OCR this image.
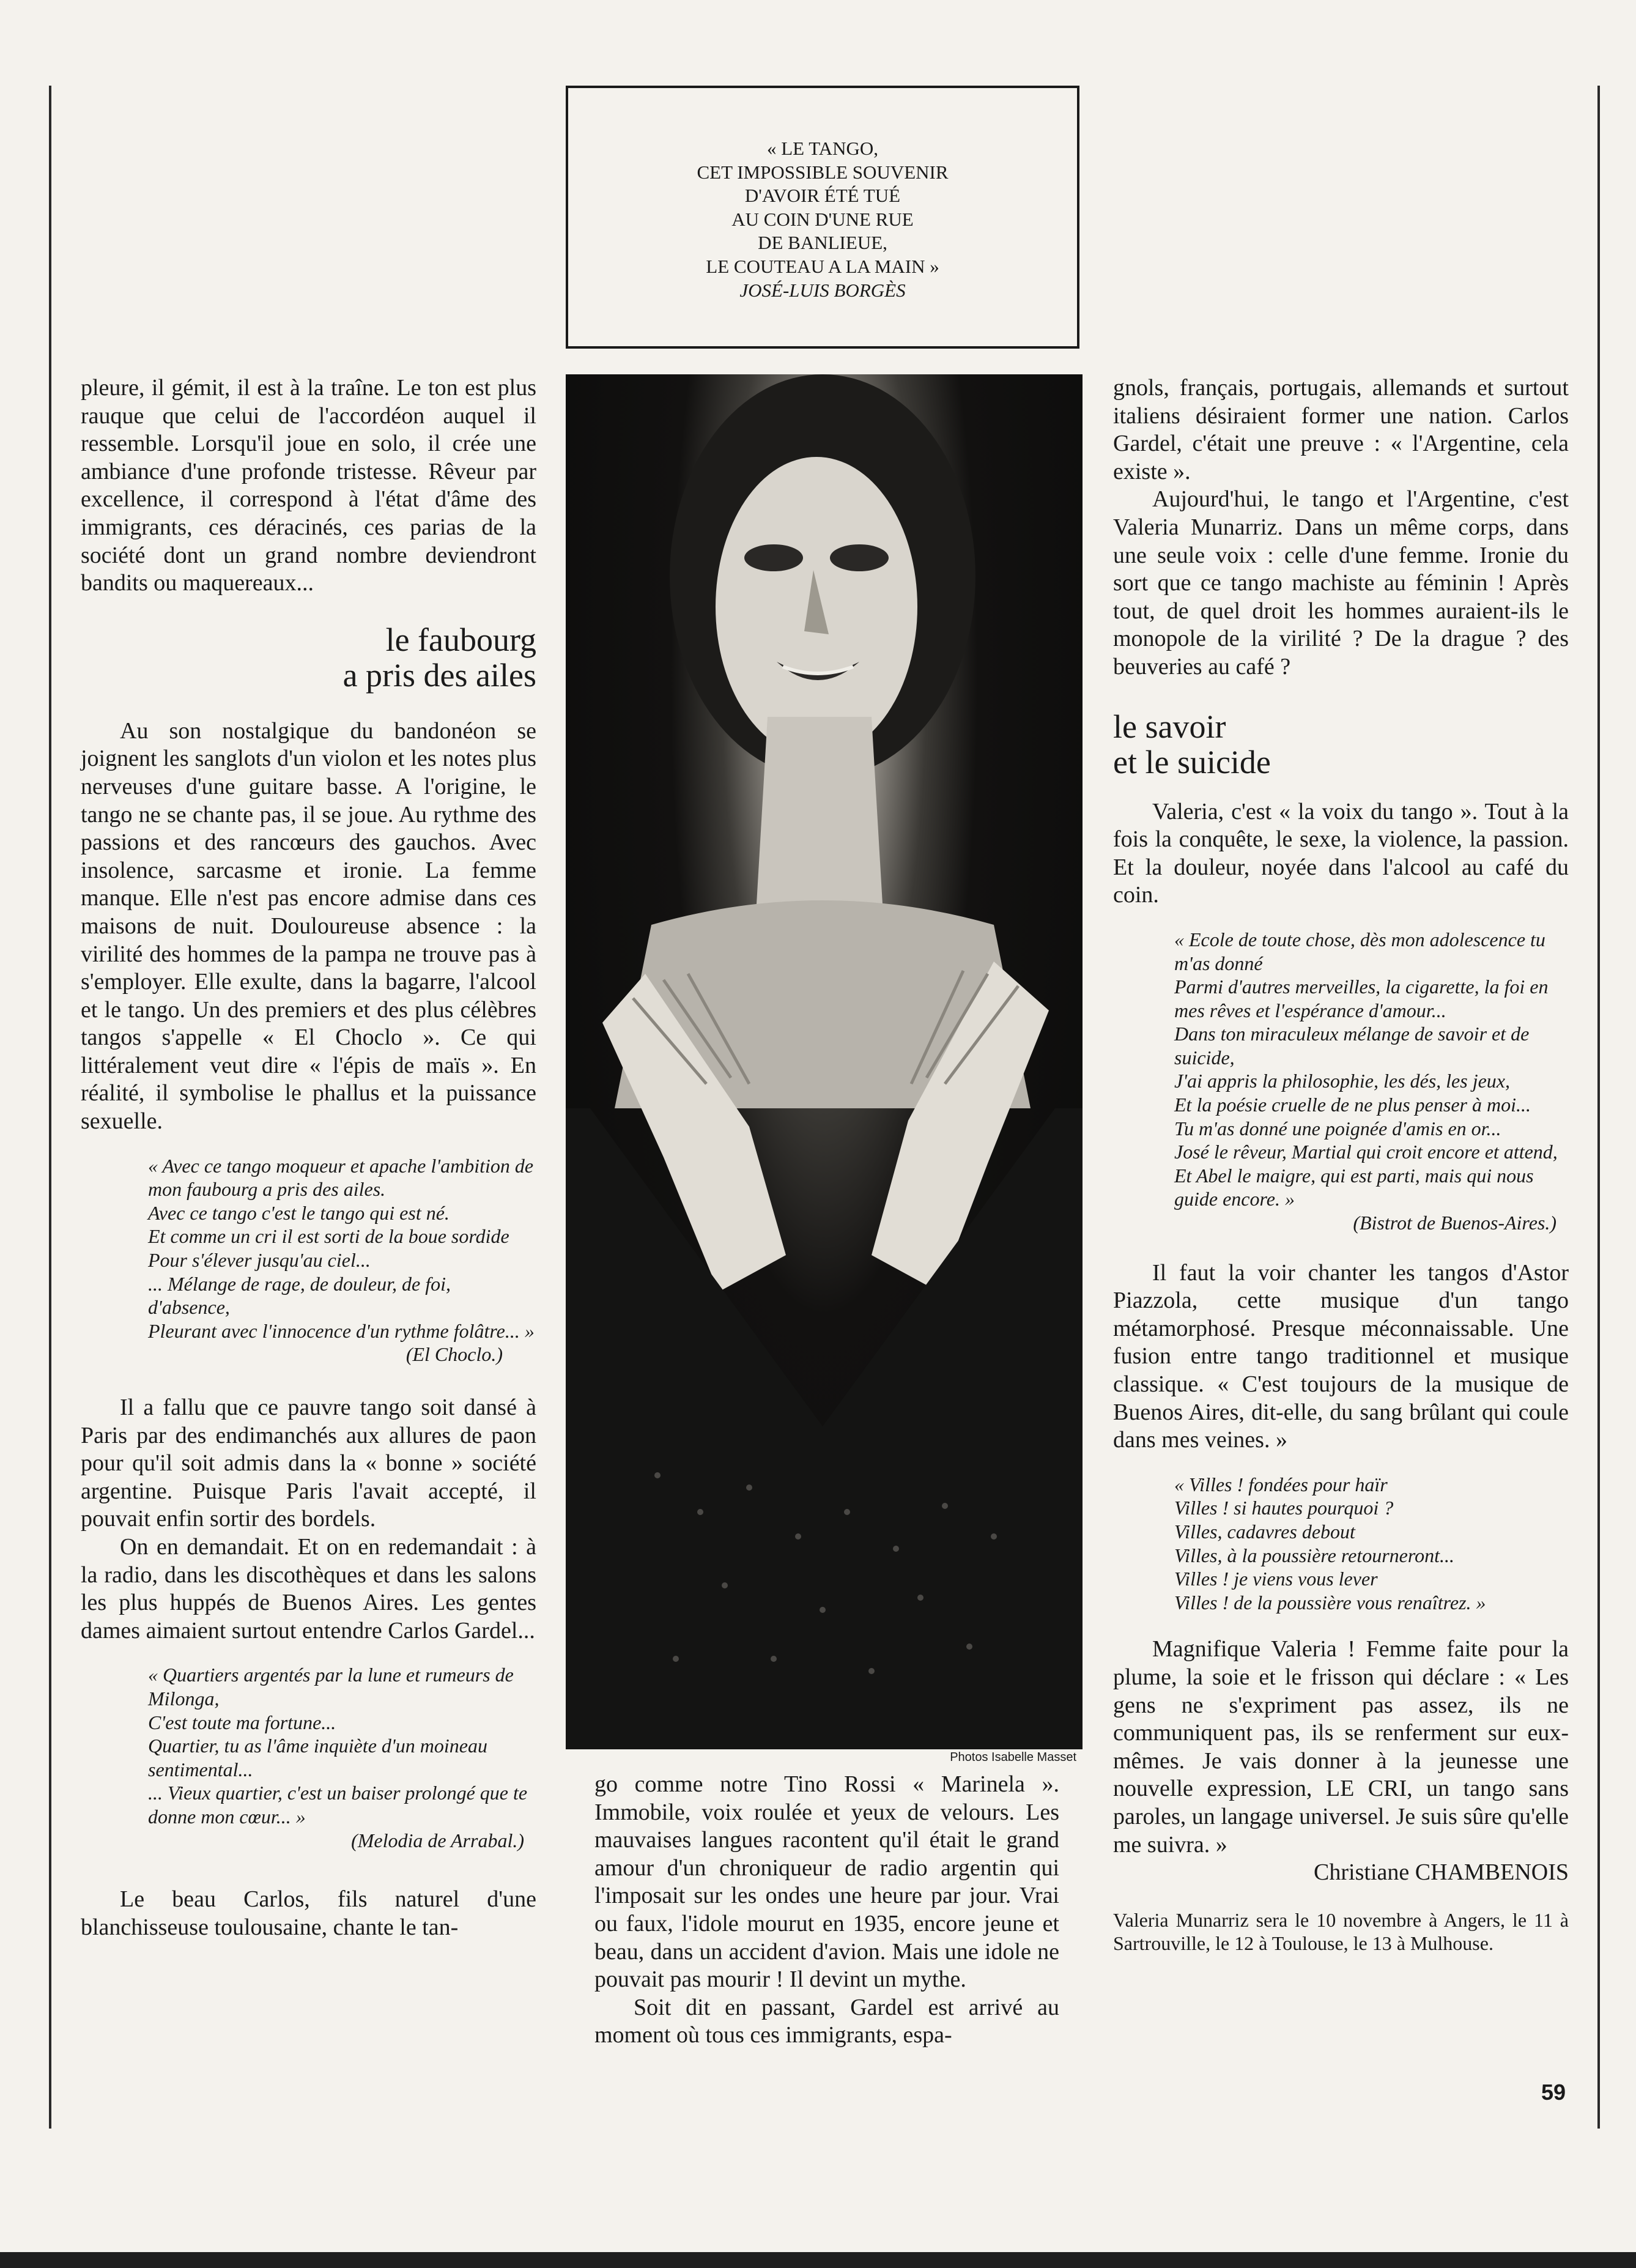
« LE TANGO,
CET IMPOSSIBLE SOUVENIR
D'AVOIR ÉTÉ TUÉ
AU COIN D'UNE RUE
DE BANLIEUE,
LE COUTEAU A LA MAIN »
JOSÉ-LUIS BORGÈS
Photos Isabelle Masset

pleure, il gémit, il est à la traîne. Le ton est plus rauque que celui de l'accordéon auquel il ressemble. Lorsqu'il joue en solo, il crée une ambiance d'une profonde tristesse. Rêveur par excellence, il correspond à l'état d'âme des immigrants, ces déracinés, ces parias de la société dont un grand nombre deviendront bandits ou maquereaux...

le faubourg
a pris des ailes

Au son nostalgique du bandonéon se joignent les sanglots d'un violon et les notes plus nerveuses d'une guitare basse. A l'origine, le tango ne se chante pas, il se joue. Au rythme des passions et des rancœurs des gauchos. Avec insolence, sarcasme et ironie. La femme manque. Elle n'est pas encore admise dans ces maisons de nuit. Douloureuse absence : la virilité des hommes de la pampa ne trouve pas à s'employer. Elle exulte, dans la bagarre, l'alcool et le tango. Un des premiers et des plus célèbres tangos s'appelle « El Choclo ». Ce qui littéralement veut dire « l'épis de maïs ». En réalité, il symbolise le phallus et la puissance sexuelle.

« Avec ce tango moqueur et apache l'ambition de mon faubourg a pris des ailes.
Avec ce tango c'est le tango qui est né.
Et comme un cri il est sorti de la boue sordide
Pour s'élever jusqu'au ciel...
... Mélange de rage, de douleur, de foi, d'absence,
Pleurant avec l'innocence d'un rythme folâtre... »
(El Choclo.)

Il a fallu que ce pauvre tango soit dansé à Paris par des endimanchés aux allures de paon pour qu'il soit admis dans la « bonne » société argentine. Puisque Paris l'avait accepté, il pouvait enfin sortir des bordels.

On en demandait. Et on en redemandait : à la radio, dans les discothèques et dans les salons les plus huppés de Buenos Aires. Les gentes dames aimaient surtout entendre Carlos Gardel...

« Quartiers argentés par la lune et rumeurs de Milonga,
C'est toute ma fortune...
Quartier, tu as l'âme inquiète d'un moineau sentimental...
... Vieux quartier, c'est un baiser prolongé que te donne mon cœur... »
(Melodia de Arrabal.)

Le beau Carlos, fils naturel d'une blanchisseuse toulousaine, chante le tan-

go comme notre Tino Rossi « Marinela ». Immobile, voix roulée et yeux de velours. Les mauvaises langues racontent qu'il était le grand amour d'un chroniqueur de radio argentin qui l'imposait sur les ondes une heure par jour. Vrai ou faux, l'idole mourut en 1935, encore jeune et beau, dans un accident d'avion. Mais une idole ne pouvait pas mourir ! Il devint un mythe.

Soit dit en passant, Gardel est arrivé au moment où tous ces immigrants, espa-

gnols, français, portugais, allemands et surtout italiens désiraient former une nation. Carlos Gardel, c'était une preuve : « l'Argentine, cela existe ».

Aujourd'hui, le tango et l'Argentine, c'est Valeria Munarriz. Dans un même corps, dans une seule voix : celle d'une femme. Ironie du sort que ce tango machiste au féminin ! Après tout, de quel droit les hommes auraient-ils le monopole de la virilité ? De la drague ? des beuveries au café ?

le savoir
et le suicide

Valeria, c'est « la voix du tango ». Tout à la fois la conquête, le sexe, la violence, la passion. Et la douleur, noyée dans l'alcool au café du coin.

« Ecole de toute chose, dès mon adolescence tu m'as donné
Parmi d'autres merveilles, la cigarette, la foi en mes rêves et l'espérance d'amour...
Dans ton miraculeux mélange de savoir et de suicide,
J'ai appris la philosophie, les dés, les jeux,
Et la poésie cruelle de ne plus penser à moi...
Tu m'as donné une poignée d'amis en or...
José le rêveur, Martial qui croit encore et attend,
Et Abel le maigre, qui est parti, mais qui nous guide encore. »
(Bistrot de Buenos-Aires.)

Il faut la voir chanter les tangos d'Astor Piazzola, cette musique d'un tango métamorphosé. Presque méconnaissable. Une fusion entre tango traditionnel et musique classique. « C'est toujours de la musique de Buenos Aires, dit-elle, du sang brûlant qui coule dans mes veines. »

« Villes ! fondées pour haïr
Villes ! si hautes pourquoi ?
Villes, cadavres debout
Villes, à la poussière retourneront...
Villes ! je viens vous lever
Villes ! de la poussière vous renaîtrez. »

Magnifique Valeria ! Femme faite pour la plume, la soie et le frisson qui déclare : « Les gens ne s'expriment pas assez, ils ne communiquent pas, ils se renferment sur eux-mêmes. Je vais donner à la jeunesse une nouvelle expression, LE CRI, un tango sans paroles, un langage universel. Je suis sûre qu'elle me suivra. »

Christiane CHAMBENOIS

Valeria Munarriz sera le 10 novembre à Angers, le 11 à Sartrouville, le 12 à Toulouse, le 13 à Mulhouse.

59
